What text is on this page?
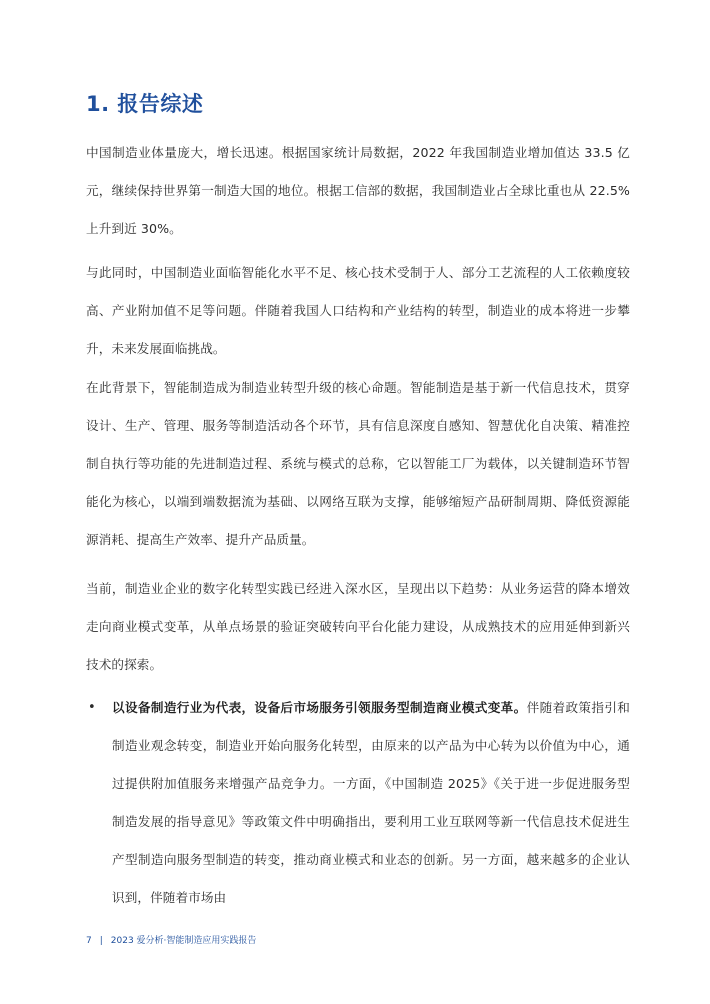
1. 报告综述

中国制造业体量庞大，增长迅速。根据国家统计局数据，2022 年我国制造业增加值达 33.5 亿元，继续保持世界第一制造大国的地位。根据工信部的数据，我国制造业占全球比重也从 22.5%上升到近 30%。

与此同时，中国制造业面临智能化水平不足、核心技术受制于人、部分工艺流程的人工依赖度较高、产业附加值不足等问题。伴随着我国人口结构和产业结构的转型，制造业的成本将进一步攀升，未来发展面临挑战。

在此背景下，智能制造成为制造业转型升级的核心命题。智能制造是基于新一代信息技术，贯穿设计、生产、管理、服务等制造活动各个环节，具有信息深度自感知、智慧优化自决策、精准控制自执行等功能的先进制造过程、系统与模式的总称，它以智能工厂为载体，以关键制造环节智能化为核心，以端到端数据流为基础、以网络互联为支撑，能够缩短产品研制周期、降低资源能源消耗、提高生产效率、提升产品质量。

当前，制造业企业的数字化转型实践已经进入深水区，呈现出以下趋势：从业务运营的降本增效走向商业模式变革，从单点场景的验证突破转向平台化能力建设，从成熟技术的应用延伸到新兴技术的探索。

• 以设备制造行业为代表，设备后市场服务引领服务型制造商业模式变革。伴随着政策指引和制造业观念转变，制造业开始向服务化转型，由原来的以产品为中心转为以价值为中心，通过提供附加值服务来增强产品竞争力。一方面，《中国制造 2025》《关于进一步促进服务型制造发展的指导意见》等政策文件中明确指出，要利用工业互联网等新一代信息技术促进生产型制造向服务型制造的转变，推动商业模式和业态的创新。另一方面，越来越多的企业认识到，伴随着市场由

7 | 2023 爱分析·智能制造应用实践报告
